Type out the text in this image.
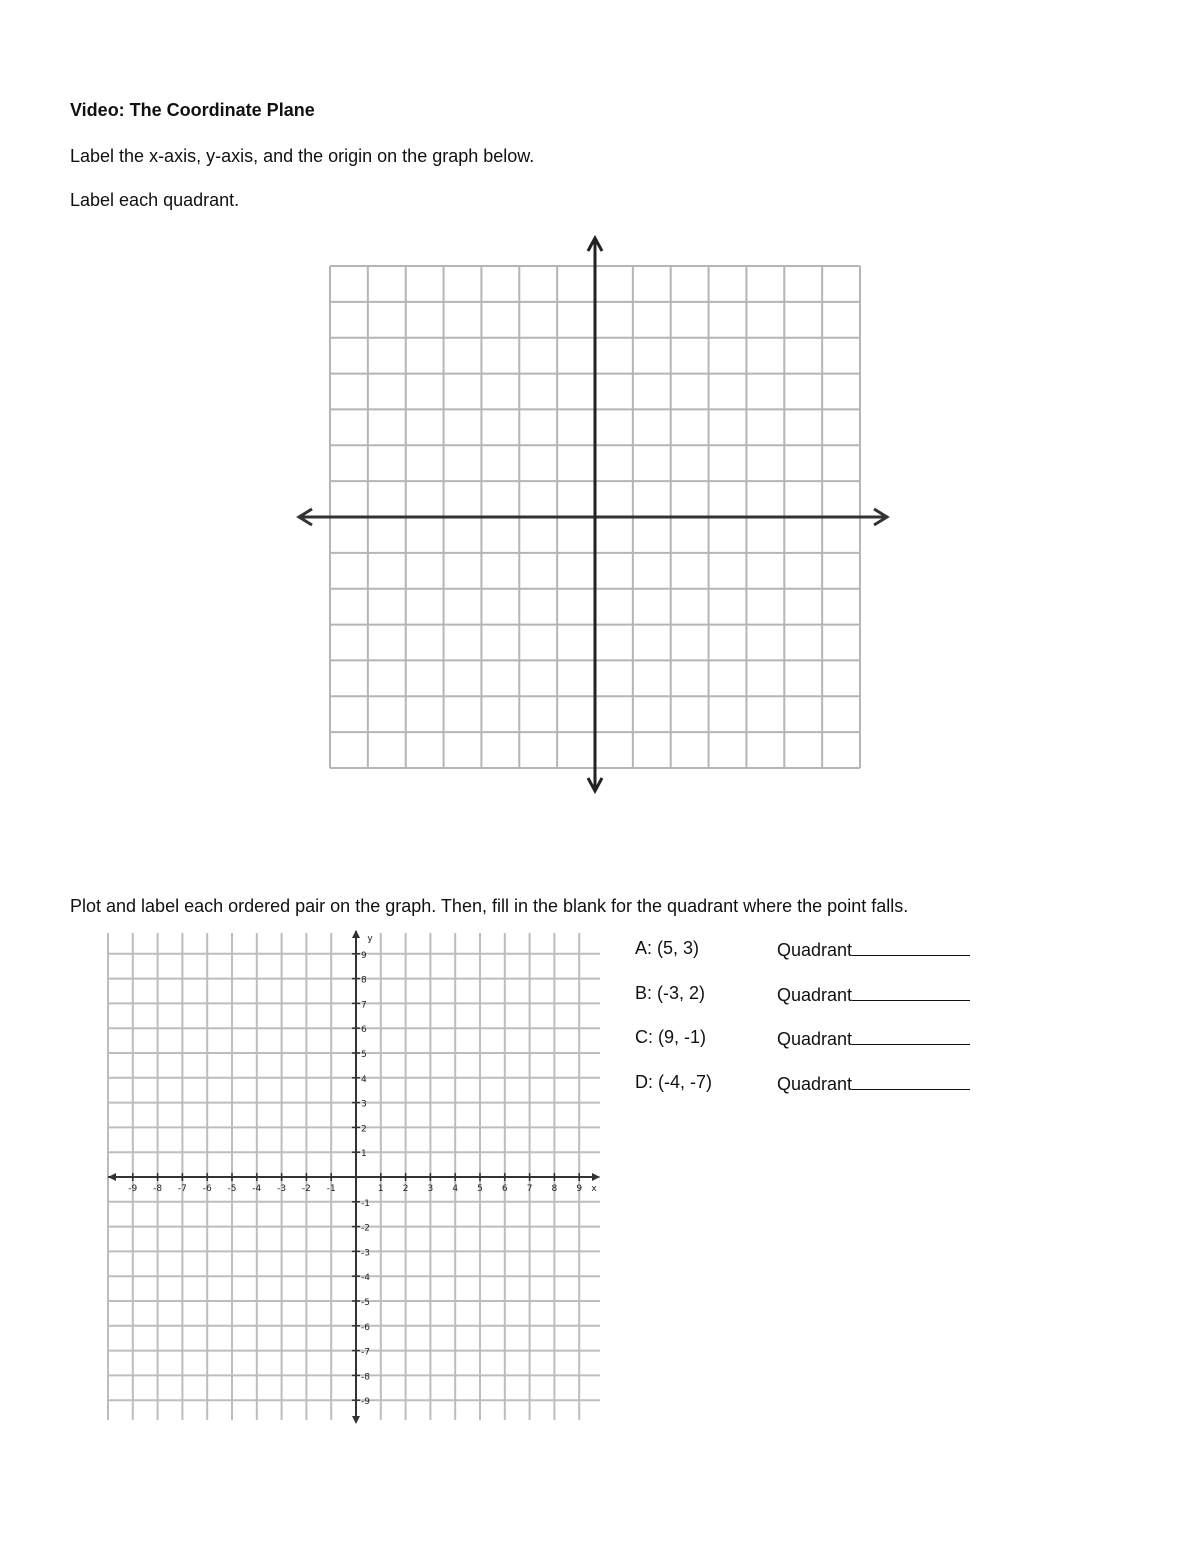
Video: The Coordinate Plane
Label the x-axis, y-axis, and the origin on the graph below.
Label each quadrant.
Plot and label each ordered pair on the graph. Then, fill in the blank for the quadrant where the point falls.
-9 -8 -7 -6 -5 -4 -3 -2 -1	1 2 3 4 5 6 7 8 9
9
8
7
6
5
4
3
2
1
-1
-2
-3
-4
-5
-6
-7
-8
-9
x
y	A: (5, 3)	Quadrant
B: (-3, 2)	Quadrant
C: (9, -1)	Quadrant
D: (-4, -7)	Quadrant
